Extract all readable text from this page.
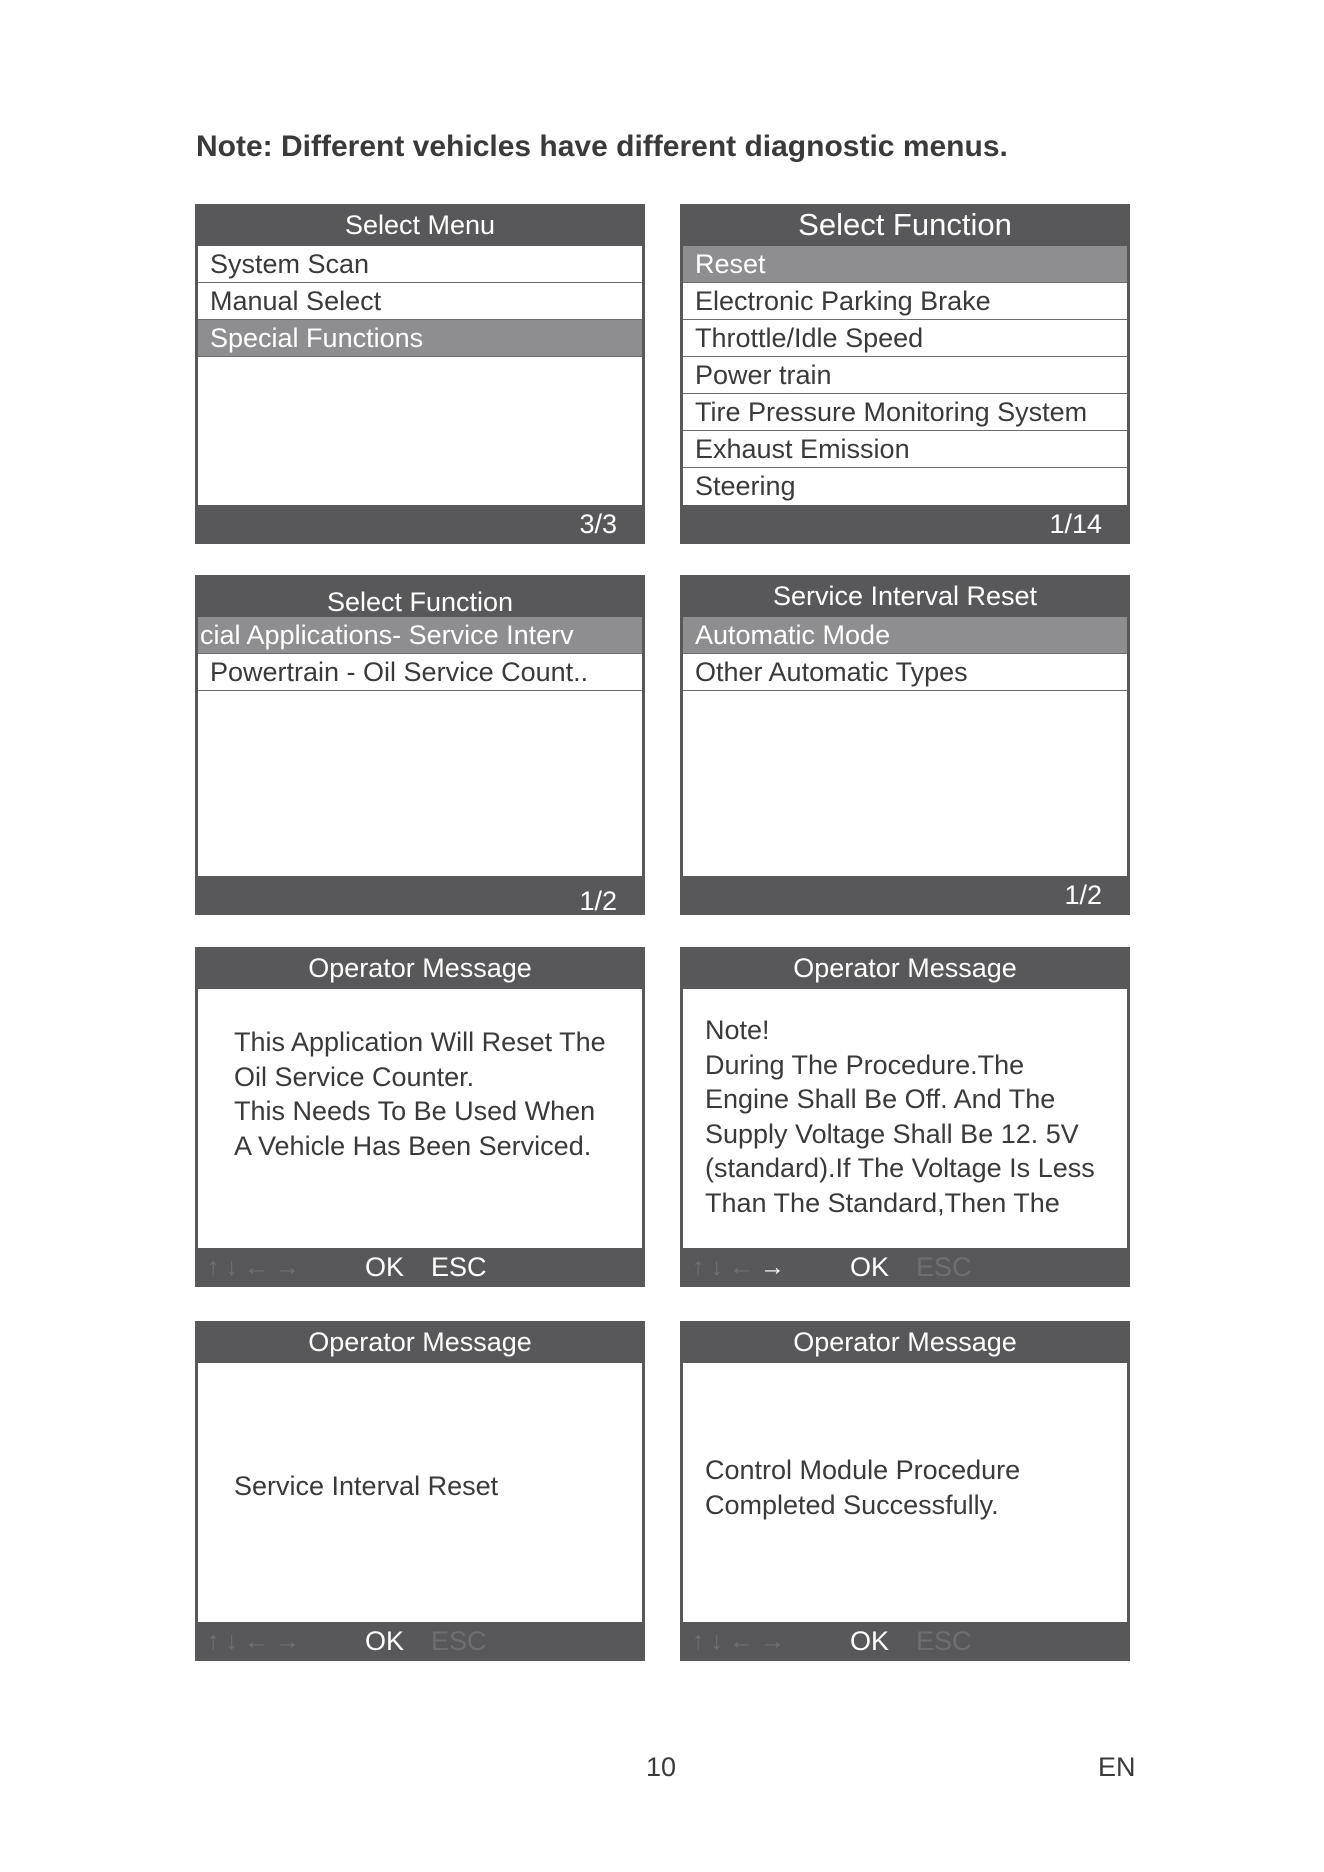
Note: Different vehicles have different diagnostic menus.
Select Menu
System Scan
Manual Select
Special Functions
3/3
Select Function
Reset
Electronic Parking Brake
Throttle/Idle Speed
Power train
Tire Pressure Monitoring System
Exhaust Emission
Steering
1/14
Select Function
cial Applications- Service Interv
Powertrain - Oil Service Count..
1/2
Service Interval Reset
Automatic Mode
Other Automatic Types
1/2
Operator Message
This Application Will Reset The
Oil Service Counter.
This Needs To Be Used When
A Vehicle Has Been Serviced.
↑↓←→ OK ESC
Operator Message
Note!
During The Procedure.The
Engine Shall Be Off. And The
Supply Voltage Shall Be 12. 5V
(standard).If The Voltage Is Less
Than The Standard,Then The
↑↓←→ OK ESC
Operator Message
Service Interval Reset
↑↓←→ OK ESC
Operator Message
Control Module Procedure
Completed Successfully.
↑↓←→ OK ESC
10	EN
